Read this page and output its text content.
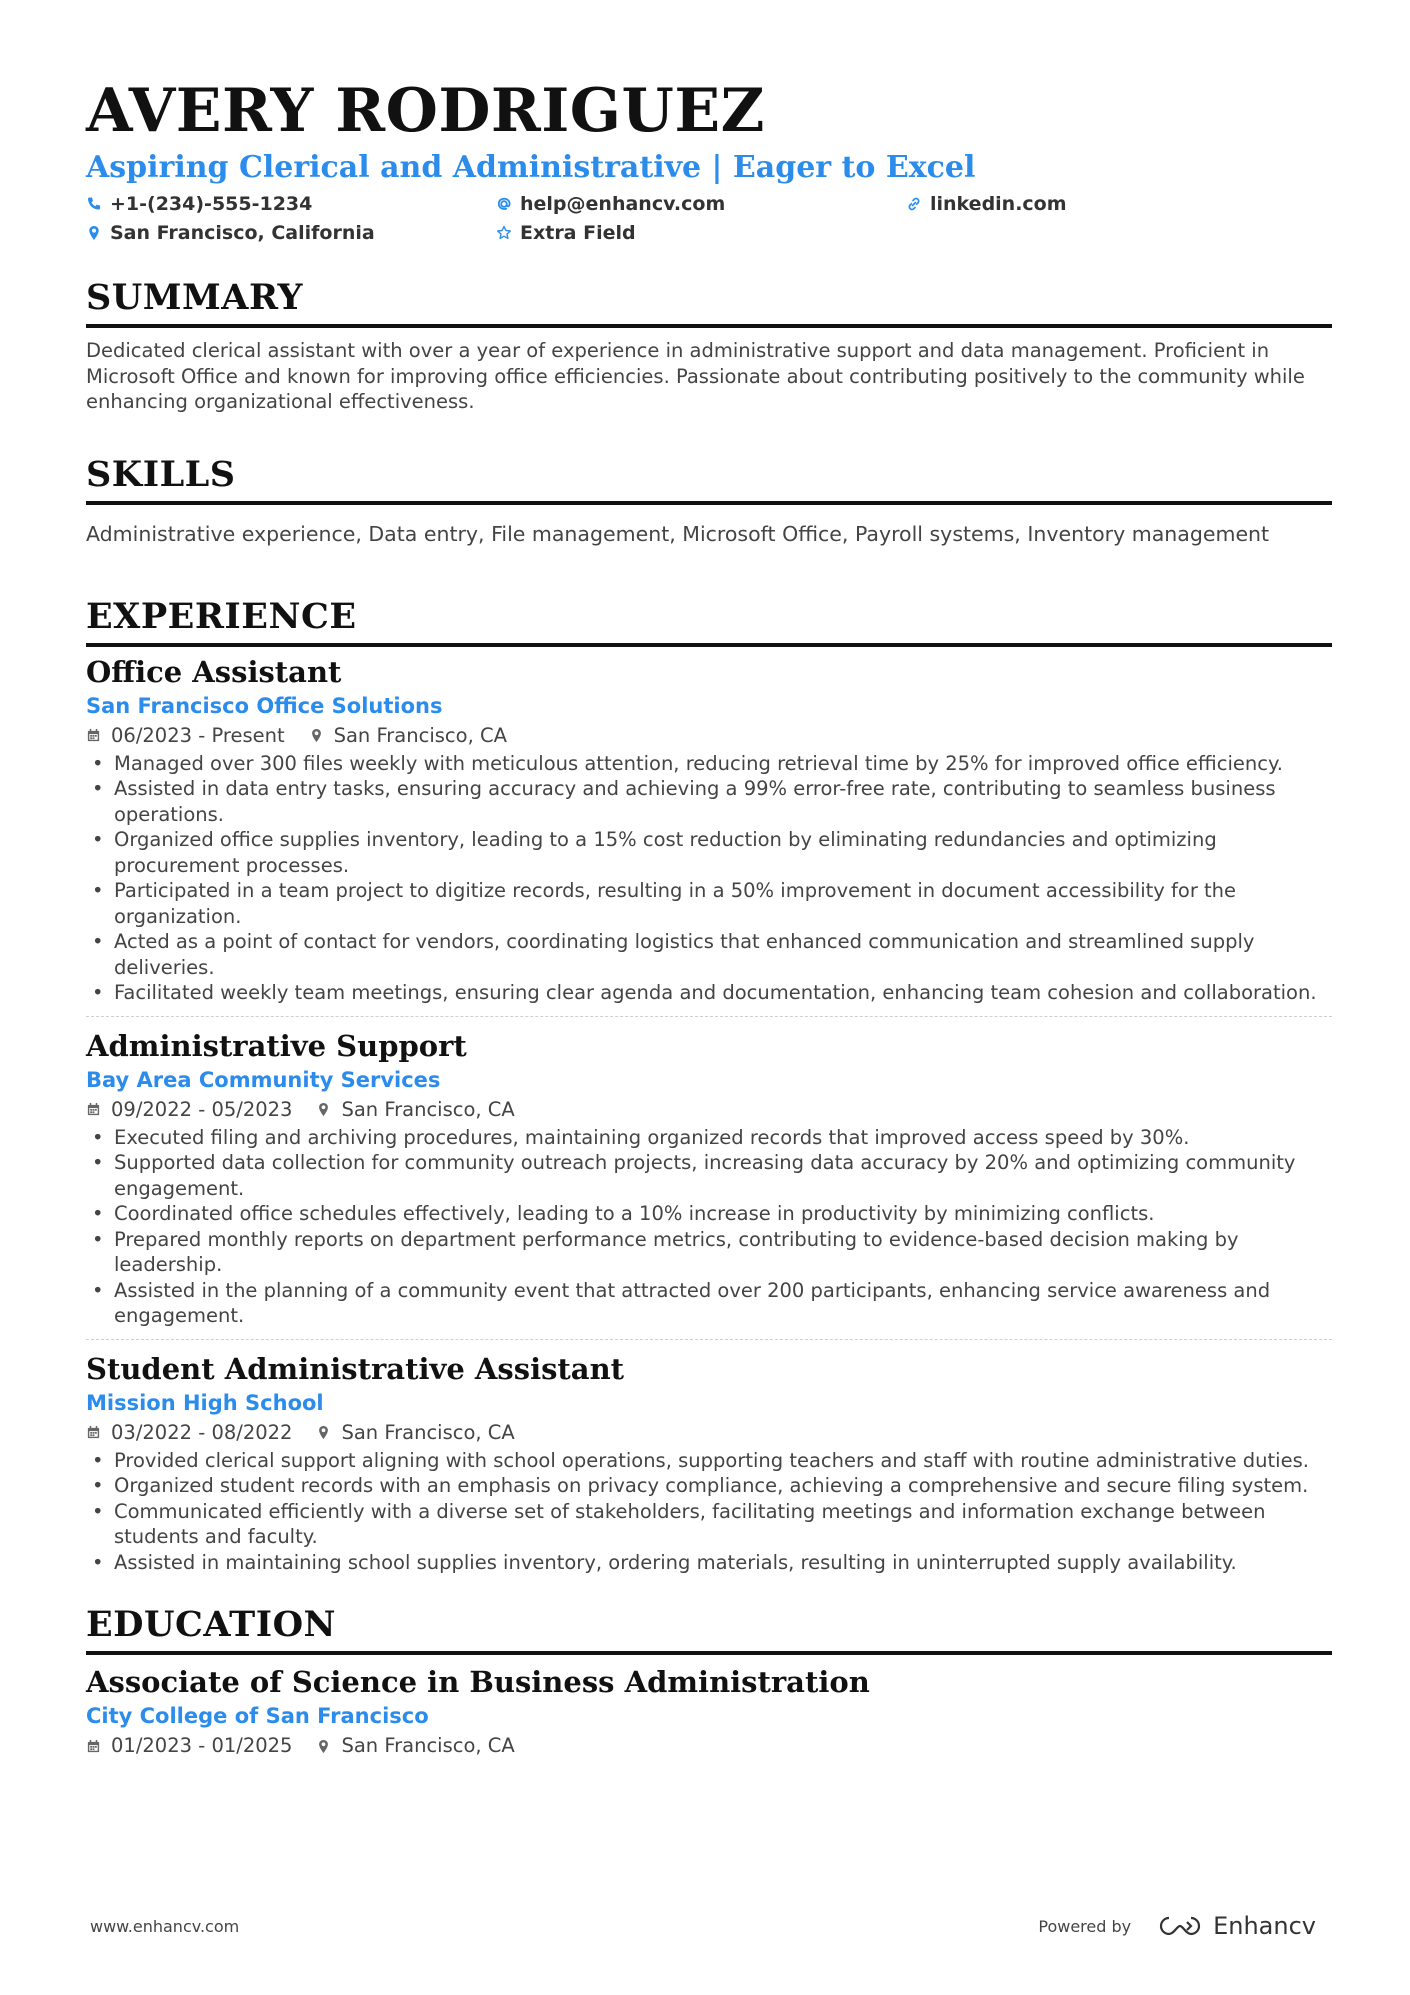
AVERY RODRIGUEZ
Aspiring Clerical and Administrative | Eager to Excel
+1-(234)-555-1234	help@enhancv.com	linkedin.com
San Francisco, California	Extra Field
SUMMARY

Dedicated clerical assistant with over a year of experience in administrative support and data management. Proficient in Microsoft Office and known for improving office efficiencies. Passionate about contributing positively to the community while enhancing organizational effectiveness.

SKILLS

Administrative experience, Data entry, File management, Microsoft Office, Payroll systems, Inventory management

EXPERIENCE
Office Assistant
San Francisco Office Solutions
06/2023 - Present	San Francisco, CA
• Managed over 300 files weekly with meticulous attention, reducing retrieval time by 25% for improved office efficiency.
• Assisted in data entry tasks, ensuring accuracy and achieving a 99% error-free rate, contributing to seamless business operations.
• Organized office supplies inventory, leading to a 15% cost reduction by eliminating redundancies and optimizing procurement processes.
• Participated in a team project to digitize records, resulting in a 50% improvement in document accessibility for the organization.
• Acted as a point of contact for vendors, coordinating logistics that enhanced communication and streamlined supply deliveries.
• Facilitated weekly team meetings, ensuring clear agenda and documentation, enhancing team cohesion and collaboration.
Administrative Support
Bay Area Community Services
09/2022 - 05/2023	San Francisco, CA
• Executed filing and archiving procedures, maintaining organized records that improved access speed by 30%.
• Supported data collection for community outreach projects, increasing data accuracy by 20% and optimizing community engagement.
• Coordinated office schedules effectively, leading to a 10% increase in productivity by minimizing conflicts.
• Prepared monthly reports on department performance metrics, contributing to evidence-based decision making by leadership.
• Assisted in the planning of a community event that attracted over 200 participants, enhancing service awareness and engagement.
Student Administrative Assistant
Mission High School
03/2022 - 08/2022	San Francisco, CA
• Provided clerical support aligning with school operations, supporting teachers and staff with routine administrative duties.
• Organized student records with an emphasis on privacy compliance, achieving a comprehensive and secure filing system.
• Communicated efficiently with a diverse set of stakeholders, facilitating meetings and information exchange between students and faculty.
• Assisted in maintaining school supplies inventory, ordering materials, resulting in uninterrupted supply availability.
EDUCATION
Associate of Science in Business Administration
City College of San Francisco
01/2023 - 01/2025	San Francisco, CA
www.enhancv.com	Powered by	Enhancv
